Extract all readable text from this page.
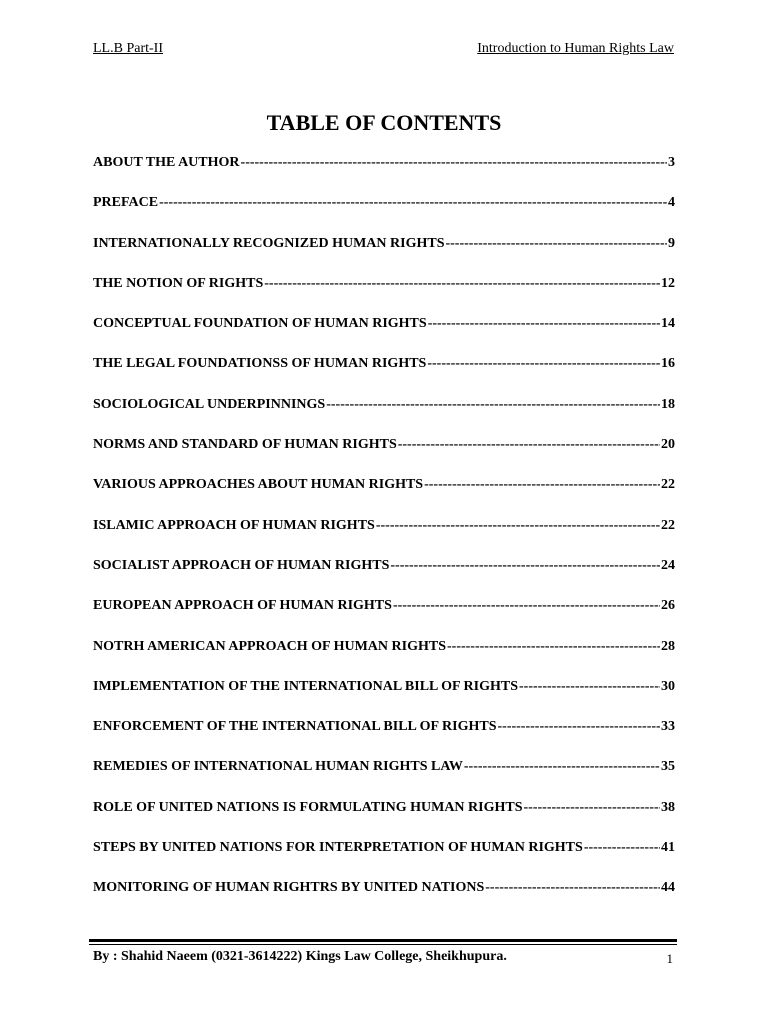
LL.B Part-II	Introduction to Human Rights Law
TABLE OF CONTENTS
ABOUT THE AUTHOR -----	3
PREFACE -----	4
INTERNATIONALLY RECOGNIZED HUMAN RIGHTS -----	9
THE NOTION OF RIGHTS -----	12
CONCEPTUAL FOUNDATION OF HUMAN RIGHTS -----	14
THE LEGAL FOUNDATIONSS OF HUMAN RIGHTS -----	16
SOCIOLOGICAL UNDERPINNINGS -----	18
NORMS AND STANDARD OF HUMAN RIGHTS -----	20
VARIOUS APPROACHES ABOUT HUMAN RIGHTS -----	22
ISLAMIC APPROACH OF HUMAN RIGHTS -----	22
SOCIALIST APPROACH OF HUMAN RIGHTS -----	24
EUROPEAN APPROACH OF HUMAN RIGHTS -----	26
NOTRH AMERICAN APPROACH OF HUMAN RIGHTS -----	28
IMPLEMENTATION OF THE INTERNATIONAL BILL OF RIGHTS -----	30
ENFORCEMENT OF THE INTERNATIONAL BILL OF RIGHTS -----	33
REMEDIES OF INTERNATIONAL HUMAN RIGHTS LAW -----	35
ROLE OF UNITED NATIONS IS FORMULATING HUMAN RIGHTS -----	38
STEPS BY UNITED NATIONS FOR INTERPRETATION OF HUMAN RIGHTS -----	41
MONITORING OF HUMAN RIGHTRS BY UNITED NATIONS -----	44
By : Shahid Naeem (0321-3614222) Kings Law College, Sheikhupura.	1
